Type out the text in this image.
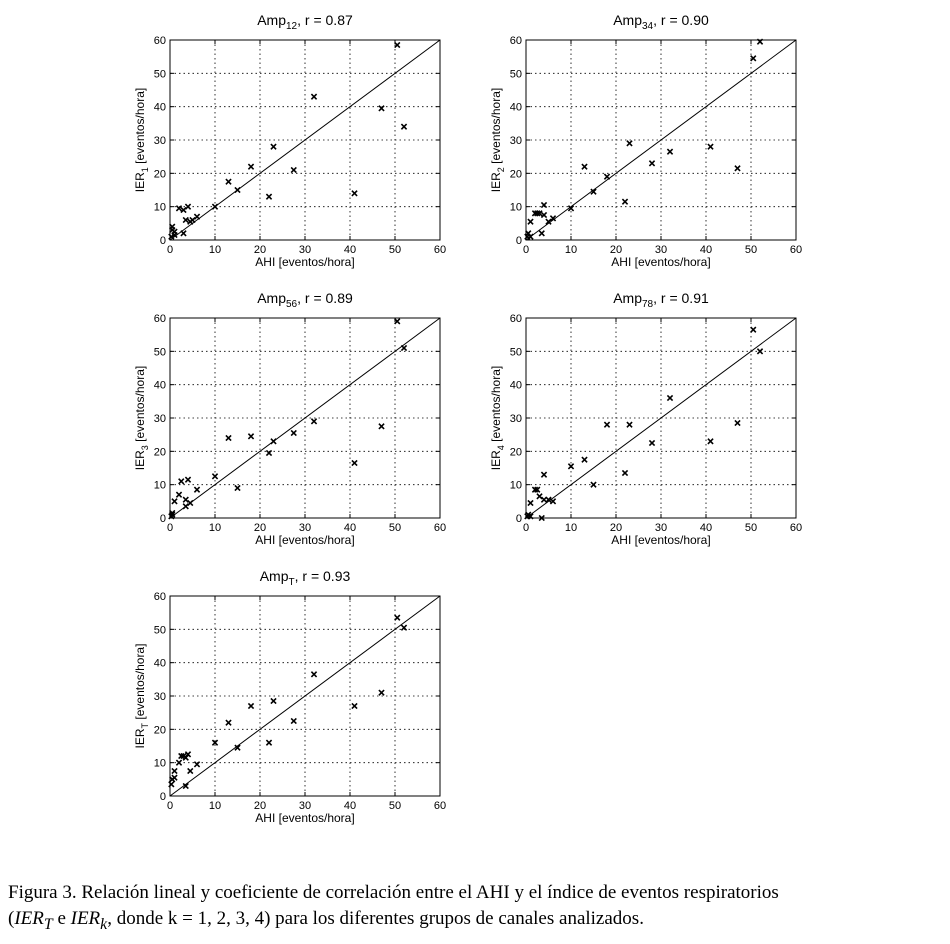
0	10	20	30	40	50	60
0
10
20
30
40
50
60
Amp$_{12}$, r = 0.87
AHI [eventos/hora]
$IER_1$ [eventos/hora]
0	10	20	30	40	50	60
0
10
20
30
40
50
60
Amp$_{34}$, r = 0.90
AHI [eventos/hora]
$IER_2$ [eventos/hora]
0	10	20	30	40	50	60
0
10
20
30
40
50
60
Amp$_{56}$, r = 0.89
AHI [eventos/hora]
$IER_3$ [eventos/hora]
0	10	20	30	40	50	60
0
10
20
30
40
50
60
Amp$_{78}$, r = 0.91
AHI [eventos/hora]
$IER_4$ [eventos/hora]
0	10	20	30	40	50	60
0
10
20
30
40
50
60
Amp$_T$, r = 0.93
AHI [eventos/hora]
$IER_T$ [eventos/hora]
Figura 3. Relación lineal y coeficiente de correlación entre el AHI y el índice de eventos respiratorios
($IER_T$ e $IER_k$, donde k = 1, 2, 3, 4) para los diferentes grupos de canales analizados.
